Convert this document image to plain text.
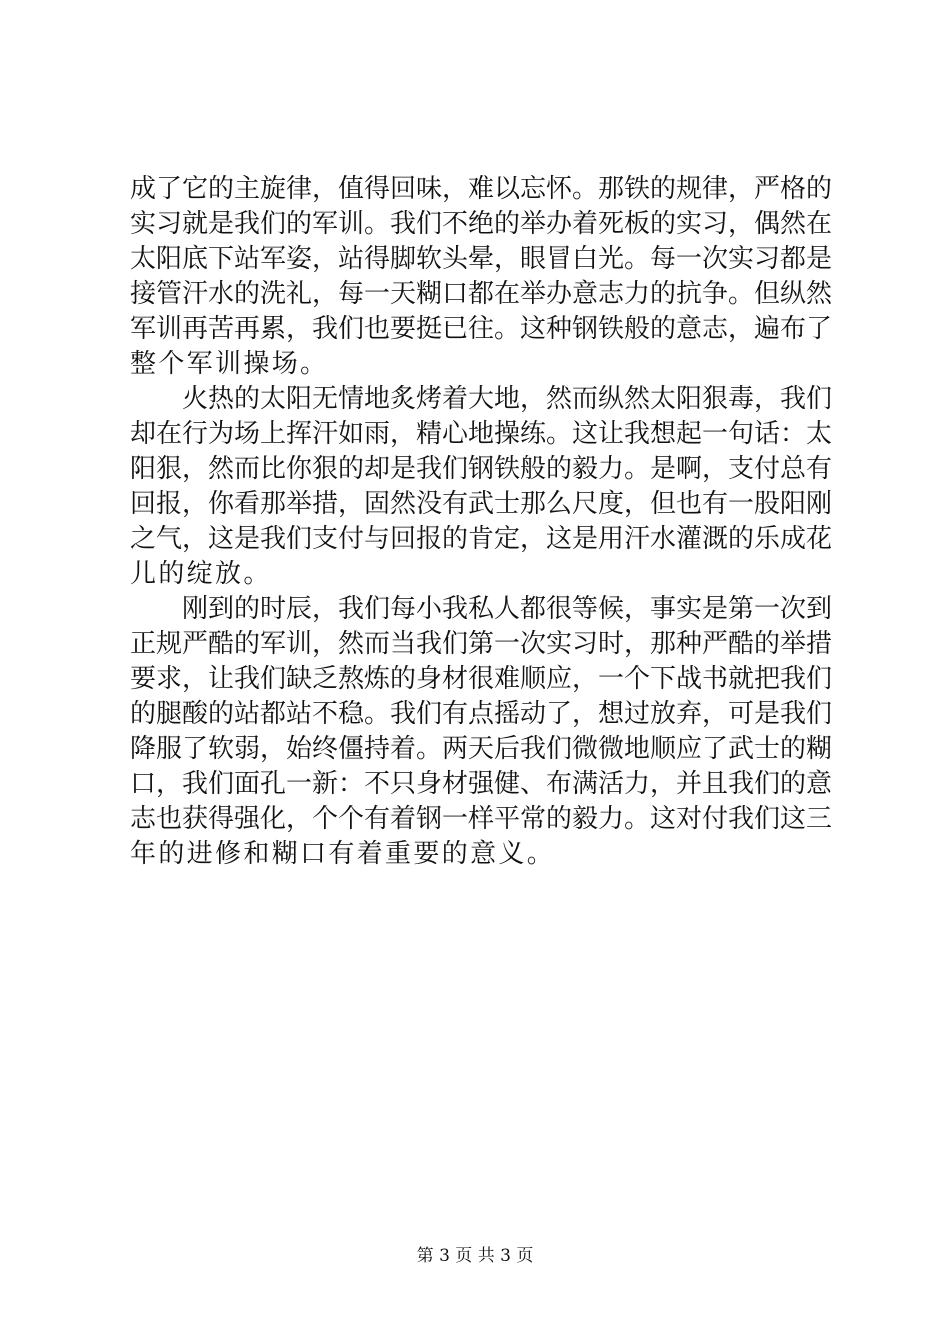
成了它的主旋律，值得回味，难以忘怀。那铁的规律，严格的
实习就是我们的军训。我们不绝的举办着死板的实习，偶然在
太阳底下站军姿，站得脚软头晕，眼冒白光。每一次实习都是
接管汗水的洗礼，每一天糊口都在举办意志力的抗争。但纵然
军训再苦再累，我们也要挺已往。这种钢铁般的意志，遍布了
整个军训操场。
火热的太阳无情地炙烤着大地，然而纵然太阳狠毒，我们
却在行为场上挥汗如雨，精心地操练。这让我想起一句话：太
阳狠，然而比你狠的却是我们钢铁般的毅力。是啊，支付总有
回报，你看那举措，固然没有武士那么尺度，但也有一股阳刚
之气，这是我们支付与回报的肯定，这是用汗水灌溉的乐成花
儿的绽放。
刚到的时辰，我们每小我私人都很等候，事实是第一次到
正规严酷的军训，然而当我们第一次实习时，那种严酷的举措
要求，让我们缺乏熬炼的身材很难顺应，一个下战书就把我们
的腿酸的站都站不稳。我们有点摇动了，想过放弃，可是我们
降服了软弱，始终僵持着。两天后我们微微地顺应了武士的糊
口，我们面孔一新：不只身材强健、布满活力，并且我们的意
志也获得强化，个个有着钢一样平常的毅力。这对付我们这三
年的进修和糊口有着重要的意义。
第 3 页 共 3 页
